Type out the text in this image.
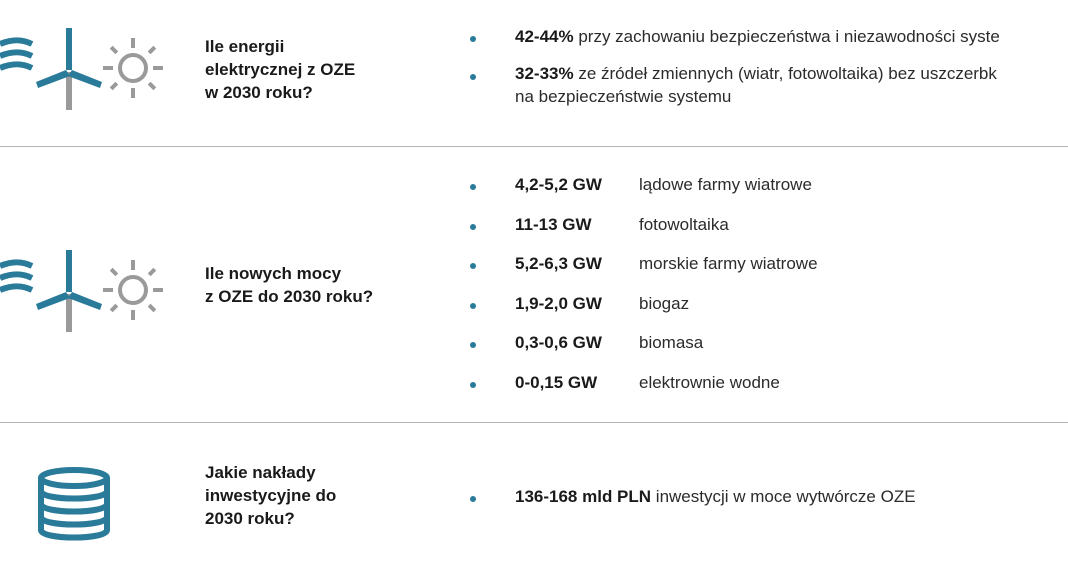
Ile energii
elektrycznej z OZE
w 2030 roku?
42-44% przy zachowaniu bezpieczeństwa i niezawodności syste
32-33% ze źródeł zmiennych (wiatr, fotowoltaika) bez uszczerbk
na bezpieczeństwie systemu
Ile nowych mocy
z OZE do 2030 roku?
4,2-5,2 GW lądowe farmy wiatrowe
11-13 GW	fotowoltaika
5,2-6,3 GW morskie farmy wiatrowe
1,9-2,0 GW biogaz
0,3-0,6 GW biomasa
0-0,15 GW elektrownie wodne
Jakie nakłady
inwestycyjne do
2030 roku?
136-168 mld PLN inwestycji w moce wytwórcze OZE
